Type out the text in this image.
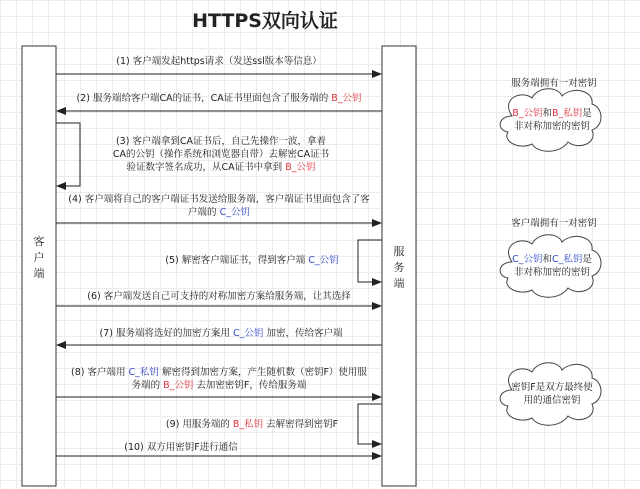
HTTPS双向认证
客户端
服务端
(1) 客户端发起https请求（发送ssl版本等信息）
(2) 服务端给客户端CA的证书，CA证书里面包含了服务端的 B_公钥
(3) 客户端拿到CA证书后，自己先操作一波，拿着
CA的公钥（操作系统和浏览器自带）去解密CA证书
验证数字签名成功，从CA证书中拿到 B_公钥
(4) 客户端将自己的客户端证书发送给服务端，客户端证书里面包含了客
户端的 C_公钥
(5) 解密客户端证书，得到客户端 C_公钥
(6) 客户端发送自己可支持的对称加密方案给服务端，让其选择
(7) 服务端将选好的加密方案用 C_公钥 加密，传给客户端
(8) 客户端用 C_私钥 解密得到加密方案，产生随机数（密钥F）使用服
务端的 B_公钥 去加密密钥F，传给服务端
(9) 用服务端的 B_私钥 去解密得到密钥F
(10) 双方用密钥F进行通信
服务端拥有一对密钥
客户端拥有一对密钥
B_公钥和B_私钥是
非对称加密的密钥
C_公钥和C_私钥是
非对称加密的密钥
密钥F是双方最终使
用的通信密钥
